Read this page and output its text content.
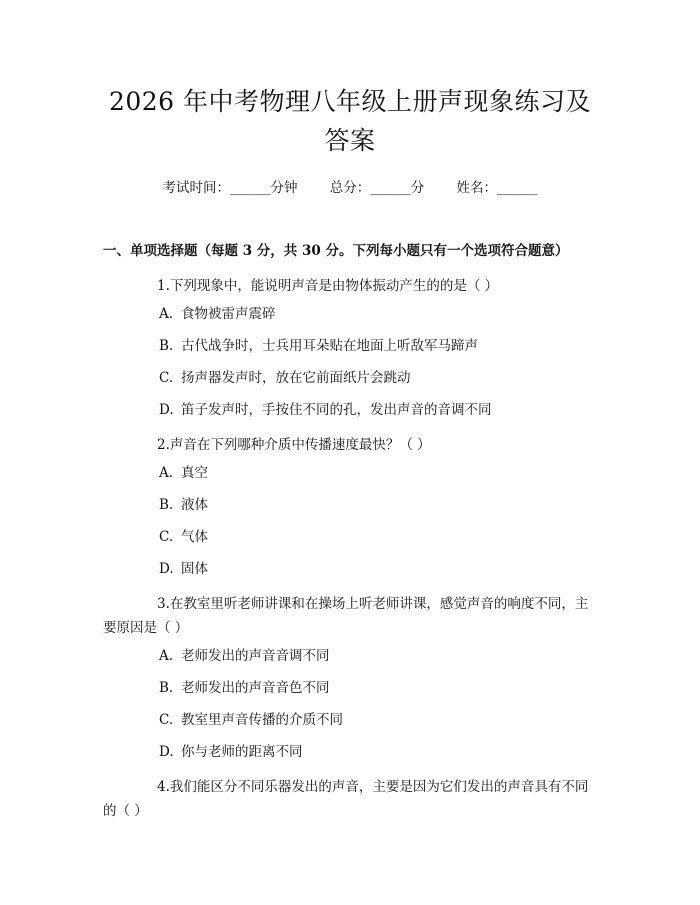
2026 年中考物理八年级上册声现象练习及答案
考试时间：______分钟 总分：______分 姓名：______
一、单项选择题（每题 3 分，共 30 分。下列每小题只有一个选项符合题意）
1.下列现象中，能说明声音是由物体振动产生的的是（ ）
A. 食物被雷声震碎
B. 古代战争时，士兵用耳朵贴在地面上听敌军马蹄声
C. 扬声器发声时，放在它前面纸片会跳动
D. 笛子发声时，手按住不同的孔，发出声音的音调不同
2.声音在下列哪种介质中传播速度最快？（ ）
A. 真空
B. 液体
C. 气体
D. 固体
3.在教室里听老师讲课和在操场上听老师讲课，感觉声音的响度不同，主要原因是（ ）
A. 老师发出的声音音调不同
B. 老师发出的声音音色不同
C. 教室里声音传播的介质不同
D. 你与老师的距离不同
4.我们能区分不同乐器发出的声音，主要是因为它们发出的声音具有不同的（ ）
